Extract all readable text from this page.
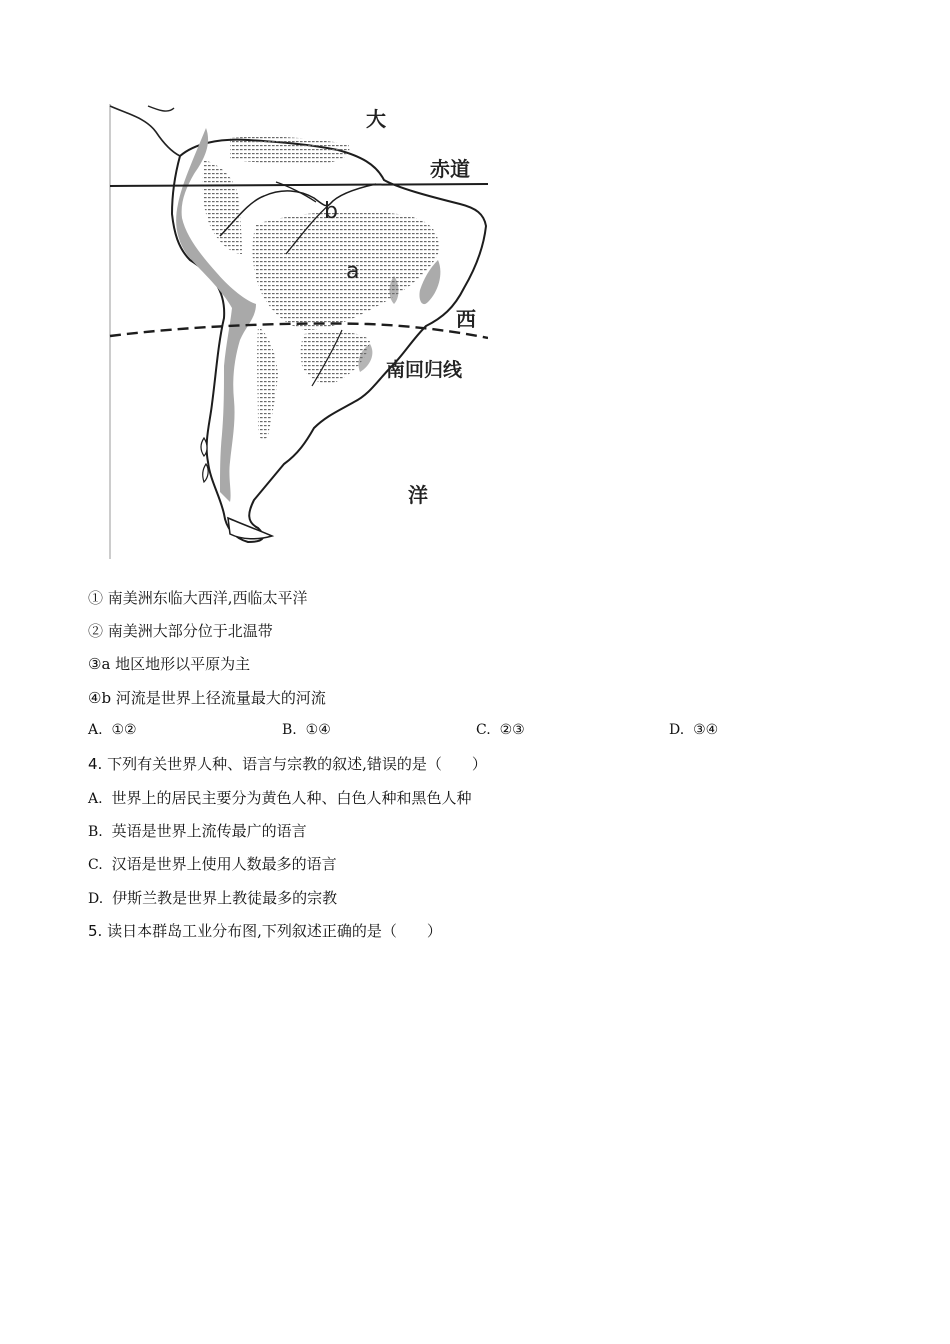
大
赤道
b
a
西
南回归线
洋
① 南美洲东临大西洋,西临太平洋
② 南美洲大部分位于北温带
③a 地区地形以平原为主
④b 河流是世界上径流量最大的河流
A. ①②	B. ①④	C. ②③	D. ③④
4. 下列有关世界人种、语言与宗教的叙述,错误的是（　　）
A. 世界上的居民主要分为黄色人种、白色人种和黑色人种
B. 英语是世界上流传最广的语言
C. 汉语是世界上使用人数最多的语言
D. 伊斯兰教是世界上教徒最多的宗教
5. 读日本群岛工业分布图,下列叙述正确的是（　　）
